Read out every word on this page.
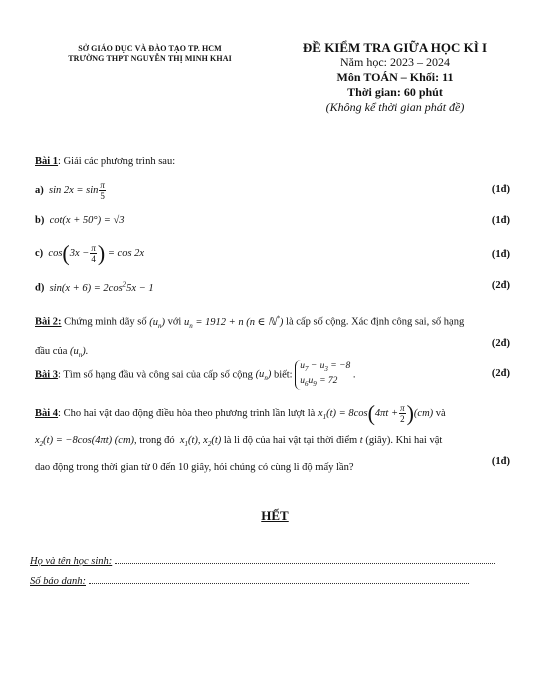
SỞ GIÁO DỤC VÀ ĐÀO TẠO TP. HCM
TRƯỜNG THPT NGUYỄN THỊ MINH KHAI
ĐỀ KIỂM TRA GIỮA HỌC KÌ I
Năm học: 2023 – 2024
Môn TOÁN – Khối: 11
Thời gian: 60 phút
(Không kể thời gian phát đề)
Bài 1: Giải các phương trình sau:
a)  $\sin 2x = \sin \frac{\pi}{5}$	(1đ)
b)  cot(x + 50°) = √3	(1đ)
c)  $\cos(3x - \frac{\pi}{4}$ ) = cos 2x	(1đ)
d)  $\sin(x + 6) = 2\cos^25x - 1$	(2đ)
Bài 2: Chứng minh dãy số $(u_n)$ với $u_n = 1912 + n$ (n ∈ ℕ*) là cấp số cộng. Xác định công sai, số hạng
đầu của $(u_n)$.
(2đ)
Bài 3: Tìm số hạng đầu và công sai của cấp số cộng $(u_n)$ biết: $u_7 - u_3 = -8$
$u_6u_9 = 72$ .	(2đ)
Bài 4: Cho hai vật dao động điều hòa theo phương trình lần lượt là $x_1(t) = 8\cos(4\pi t + \frac{\pi}{2} )(cm)$ và
$x_2(t) = -8\cos(4\pi t)$ (cm), trong đó  $x_1(t)$, $x_2(t)$ là li độ của hai vật tại thời điểm t (giây). Khi hai vật
dao động trong thời gian từ 0 đến 10 giây, hỏi chúng có cùng li độ mấy lần?
(1đ)
HẾT
Họ và tên học sinh:
Số báo danh:
